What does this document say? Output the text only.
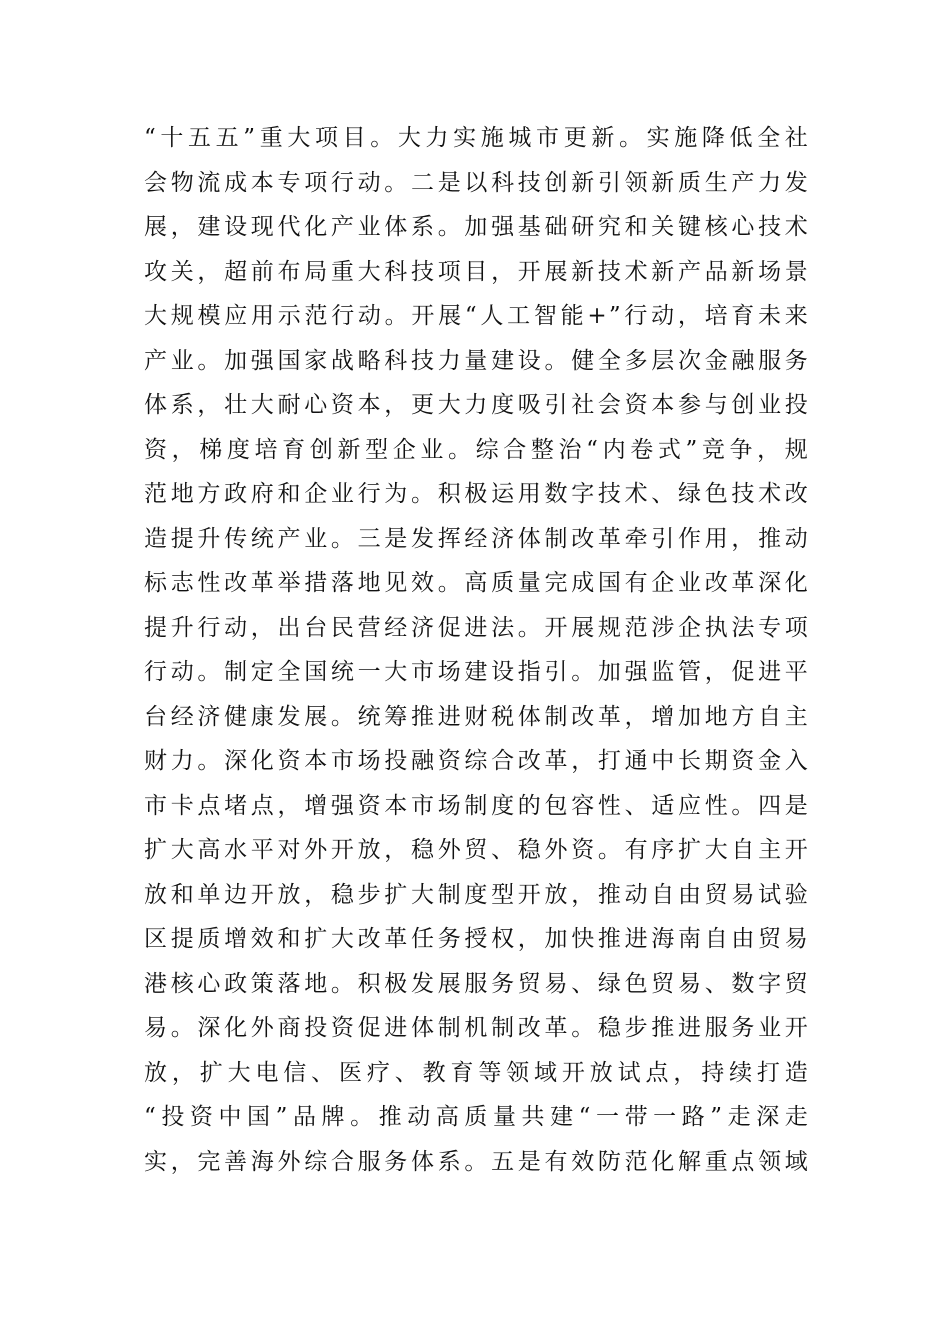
“十五五”重大项目。大力实施城市更新。实施降低全社
会物流成本专项行动。二是以科技创新引领新质生产力发
展，建设现代化产业体系。加强基础研究和关键核心技术
攻关，超前布局重大科技项目，开展新技术新产品新场景
大规模应用示范行动。开展“人工智能+”行动，培育未来
产业。加强国家战略科技力量建设。健全多层次金融服务
体系，壮大耐心资本，更大力度吸引社会资本参与创业投
资，梯度培育创新型企业。综合整治“内卷式”竞争，规
范地方政府和企业行为。积极运用数字技术、绿色技术改
造提升传统产业。三是发挥经济体制改革牵引作用，推动
标志性改革举措落地见效。高质量完成国有企业改革深化
提升行动，出台民营经济促进法。开展规范涉企执法专项
行动。制定全国统一大市场建设指引。加强监管，促进平
台经济健康发展。统筹推进财税体制改革，增加地方自主
财力。深化资本市场投融资综合改革，打通中长期资金入
市卡点堵点，增强资本市场制度的包容性、适应性。四是
扩大高水平对外开放，稳外贸、稳外资。有序扩大自主开
放和单边开放，稳步扩大制度型开放，推动自由贸易试验
区提质增效和扩大改革任务授权，加快推进海南自由贸易
港核心政策落地。积极发展服务贸易、绿色贸易、数字贸
易。深化外商投资促进体制机制改革。稳步推进服务业开
放，扩大电信、医疗、教育等领域开放试点，持续打造
“投资中国”品牌。推动高质量共建“一带一路”走深走
实，完善海外综合服务体系。五是有效防范化解重点领域
